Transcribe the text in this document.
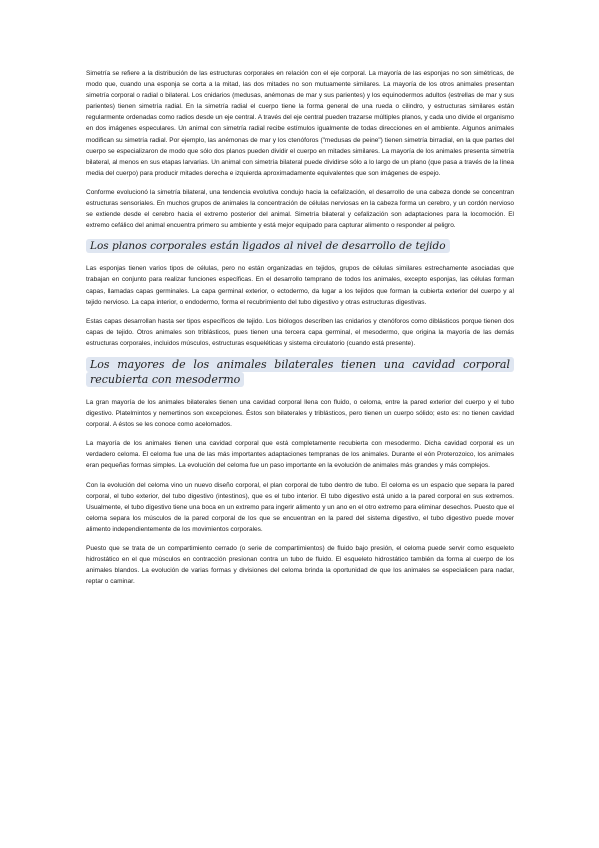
Simetría se refiere a la distribución de las estructuras corporales en relación con el eje corporal. La mayoría de las esponjas no son simétricas, de modo que, cuando una esponja se corta a la mitad, las dos mitades no son mutuamente similares. La mayoría de los otros animales presentan simetría corporal o radial o bilateral. Los cnidarios (medusas, anémonas de mar y sus parientes) y los equinodermos adultos (estrellas de mar y sus parientes) tienen simetría radial. En la simetría radial el cuerpo tiene la forma general de una rueda o cilindro, y estructuras similares están regularmente ordenadas como radios desde un eje central. A través del eje central pueden trazarse múltiples planos, y cada uno divide el organismo en dos imágenes especulares. Un animal con simetría radial recibe estímulos igualmente de todas direcciones en el ambiente. Algunos animales modifican su simetría radial. Por ejemplo, las anémonas de mar y los ctenóforos ("medusas de peine") tienen simetría birradial, en la que partes del cuerpo se especializaron de modo que sólo dos planos pueden dividir el cuerpo en mitades similares. La mayoría de los animales presenta simetría bilateral, al menos en sus etapas larvarias. Un animal con simetría bilateral puede dividirse sólo a lo largo de un plano (que pasa a través de la línea media del cuerpo) para producir mitades derecha e izquierda aproximadamente equivalentes que son imágenes de espejo.

Conforme evolucionó la simetría bilateral, una tendencia evolutiva condujo hacia la cefalización, el desarrollo de una cabeza donde se concentran estructuras sensoriales. En muchos grupos de animales la concentración de células nerviosas en la cabeza forma un cerebro, y un cordón nervioso se extiende desde el cerebro hacia el extremo posterior del animal. Simetría bilateral y cefalización son adaptaciones para la locomoción. El extremo cefálico del animal encuentra primero su ambiente y está mejor equipado para capturar alimento o responder al peligro.

Los planos corporales están ligados al nivel de desarrollo de tejido

Las esponjas tienen varios tipos de células, pero no están organizadas en tejidos, grupos de células similares estrechamente asociadas que trabajan en conjunto para realizar funciones específicas. En el desarrollo temprano de todos los animales, excepto esponjas, las células forman capas, llamadas capas germinales. La capa germinal exterior, o ectodermo, da lugar a los tejidos que forman la cubierta exterior del cuerpo y al tejido nervioso. La capa interior, o endodermo, forma el recubrimiento del tubo digestivo y otras estructuras digestivas.

Estas capas desarrollan hasta ser tipos específicos de tejido. Los biólogos describen las cnidarios y ctenóforos como diblásticos porque tienen dos capas de tejido. Otros animales son triblásticos, pues tienen una tercera capa germinal, el mesodermo, que origina la mayoría de las demás estructuras corporales, incluidos músculos, estructuras esqueléticas y sistema circulatorio (cuando está presente).

Los mayores de los animales bilaterales tienen una cavidad corporal recubierta con mesodermo

La gran mayoría de los animales bilaterales tienen una cavidad corporal llena con fluido, o celoma, entre la pared exterior del cuerpo y el tubo digestivo. Platelmintos y nemertinos son excepciones. Éstos son bilaterales y triblásticos, pero tienen un cuerpo sólido; esto es: no tienen cavidad corporal. A éstos se les conoce como acelomados.

La mayoría de los animales tienen una cavidad corporal que está completamente recubierta con mesodermo. Dicha cavidad corporal es un verdadero celoma. El celoma fue una de las más importantes adaptaciones tempranas de los animales. Durante el eón Proterozoico, los animales eran pequeñas formas simples. La evolución del celoma fue un paso importante en la evolución de animales más grandes y más complejos.

Con la evolución del celoma vino un nuevo diseño corporal, el plan corporal de tubo dentro de tubo. El celoma es un espacio que separa la pared corporal, el tubo exterior, del tubo digestivo (intestinos), que es el tubo interior. El tubo digestivo está unido a la pared corporal en sus extremos. Usualmente, el tubo digestivo tiene una boca en un extremo para ingerir alimento y un ano en el otro extremo para eliminar desechos. Puesto que el celoma separa los músculos de la pared corporal de los que se encuentran en la pared del sistema digestivo, el tubo digestivo puede mover alimento independientemente de los movimientos corporales.

Puesto que se trata de un compartimiento cerrado (o serie de compartimientos) de fluido bajo presión, el celoma puede servir como esqueleto hidrostático en el que músculos en contracción presionan contra un tubo de fluido. El esqueleto hidrostático también da forma al cuerpo de los animales blandos. La evolución de varias formas y divisiones del celoma brinda la oportunidad de que los animales se especialicen para nadar, reptar o caminar.
